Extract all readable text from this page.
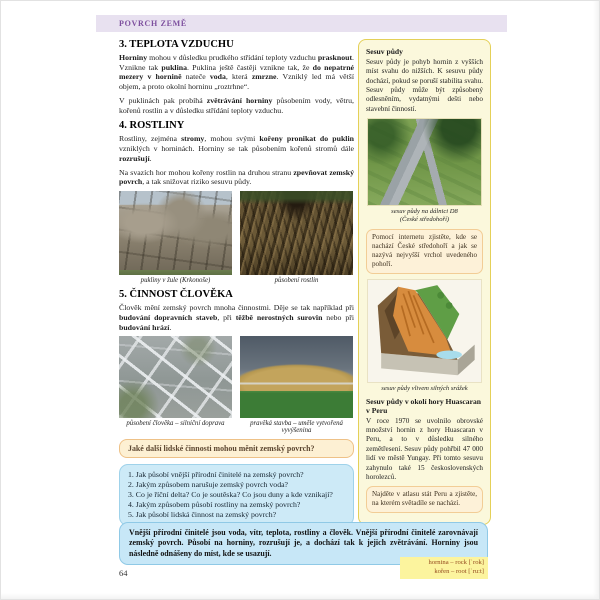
POVRCH ZEMĚ
3. TEPLOTA VZDUCHU

Horniny mohou v důsledku prudkého střídání teploty vzduchu prasknout. Vznikne tak puklina. Puklina ještě častěji vznikne tak, že do nepatrné mezery v hornině nateče voda, která zmrzne. Vzniklý led má větší objem, a proto okolní horninu „roztrhne“.

V puklinách pak probíhá zvětrávání horniny působením vody, větru, kořenů rostlin a v důsledku střídání teploty vzduchu.

4. ROSTLINY

Rostliny, zejména stromy, mohou svými kořeny pronikat do puklin vzniklých v horninách. Horniny se tak působením kořenů stromů dále rozrušují.

Na svazích hor mohou kořeny rostlin na druhou stranu zpevňovat zemský povrch, a tak snižovat riziko sesuvu půdy.

pukliny v žule (Krkonoše)	působení rostlin
5. ČINNOST ČLOVĚKA

Člověk mění zemský povrch mnoha činnostmi. Děje se tak například při budování dopravních staveb, při těžbě nerostných surovin nebo při budování hrází.

působení člověka – silniční doprava	pravěká stavba – uměle vytvořená vyvýšenina
Jaké další lidské činnosti mohou měnit zemský povrch?
1. Jak působí vnější přírodní činitelé na zemský povrch?
2. Jakým způsobem narušuje zemský povrch voda?
3. Co je říční delta? Co je soutěska? Co jsou duny a kde vznikají?
4. Jakým způsobem působí rostliny na zemský povrch?
5. Jak působí lidská činnost na zemský povrch?
Sesuv půdy

Sesuv půdy je pohyb hornin z vyšších míst svahu do nižších. K sesuvu půdy dochází, pokud se poruší stabilita svahu. Sesuv půdy může být způsobený odlesněním, vydatnými dešti nebo stavební činností.

sesuv půdy na dálnici D8
(České středohoří)
Pomocí internetu zjistěte, kde se nachází České středohoří a jak se nazývá nejvyšší vrchol uvedeného pohoří.
sesuv půdy vlivem silných srážek
Sesuv půdy v okolí hory Huascaran v Peru

V roce 1970 se uvolnilo obrovské množství hornin z hory Huascaran v Peru, a to v důsledku silného zemětřesení. Sesuv půdy pohřbil 47 000 lidí ve městě Yungay. Při tomto sesuvu zahynulo také 15 československých horolezců.

Najděte v atlasu stát Peru a zjistěte, na kterém světadíle se nachází.
Vnější přírodní činitelé jsou voda, vítr, teplota, rostliny a člověk. Vnější přírodní činitelé zarovnávají zemský povrch. Působí na horniny, rozrušují je, a dochází tak k jejich zvětrávání. Horniny jsou následně odnášeny do míst, kde se usazují.
64
hornina – rock [ˈrok]
kořen – root [ˈru:t]
